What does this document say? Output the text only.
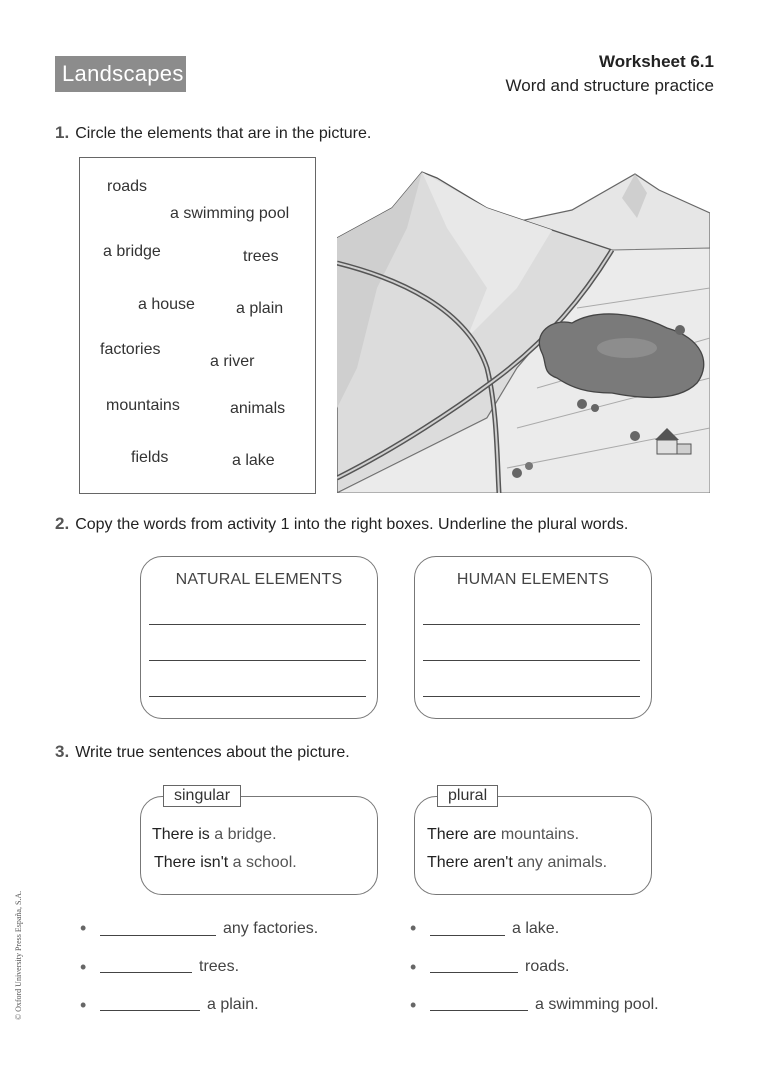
Landscapes	Worksheet 6.1
Word and structure practice
1. Circle the elements that are in the picture.
roads
a swimming pool
a bridge	trees
a house	a plain
factories
a river
mountains	animals
fields	a lake
2. Copy the words from activity 1 into the right boxes. Underline the plural words.
NATURAL ELEMENTS	HUMAN ELEMENTS
3. Write true sentences about the picture.
singular
There is a bridge.
There isn't a school.
plural
There are mountains.
There aren't any animals.
•	any factories.
•	trees.
•	a plain.
•	a lake.
•	roads.
•	a swimming pool.
© Oxford University Press España, S.A.
